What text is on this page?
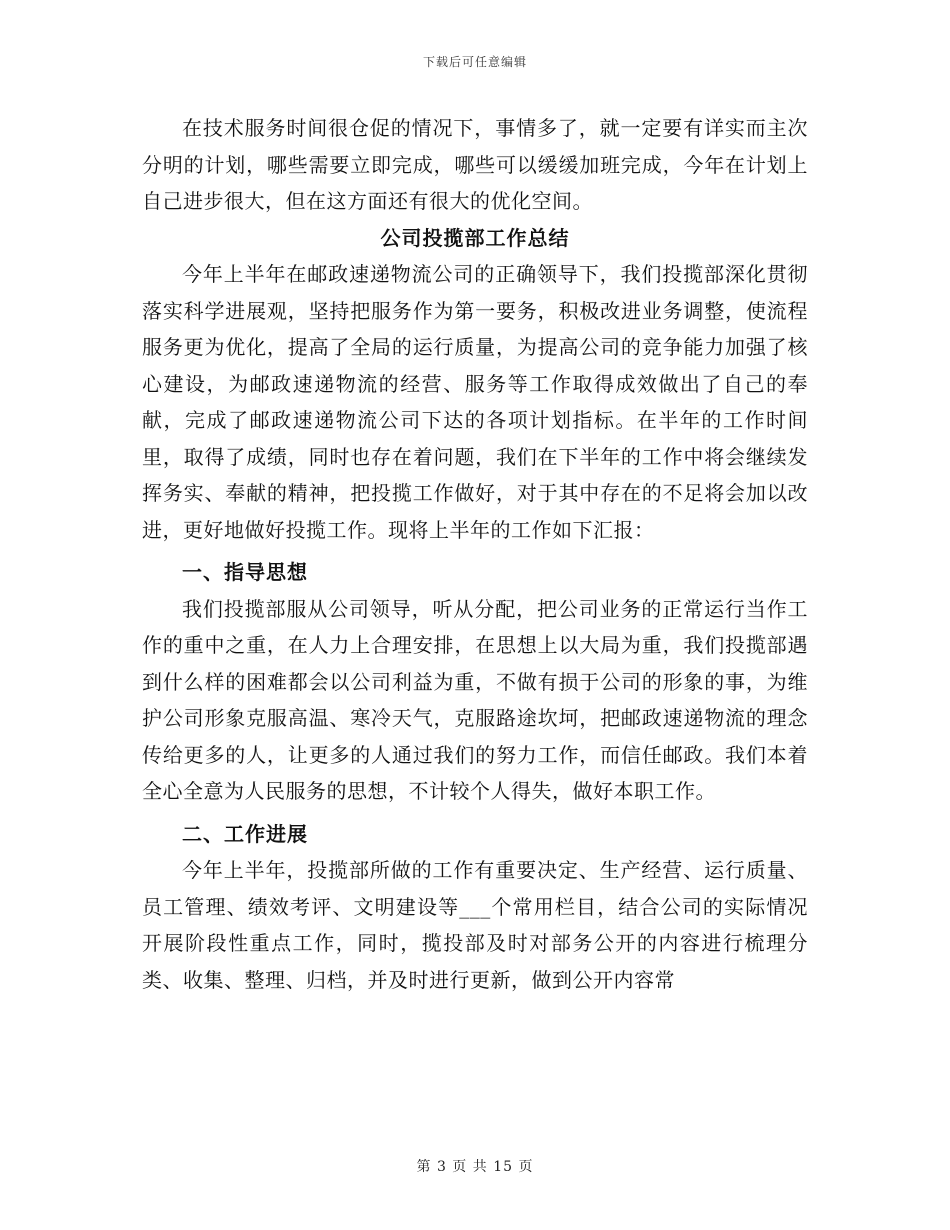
下载后可任意编辑

在技术服务时间很仓促的情况下，事情多了，就一定要有详实而主次分明的计划，哪些需要立即完成，哪些可以缓缓加班完成，今年在计划上自己进步很大，但在这方面还有很大的优化空间。

公司投揽部工作总结

今年上半年在邮政速递物流公司的正确领导下，我们投揽部深化贯彻落实科学进展观，坚持把服务作为第一要务，积极改进业务调整，使流程服务更为优化，提高了全局的运行质量，为提高公司的竞争能力加强了核心建设，为邮政速递物流的经营、服务等工作取得成效做出了自己的奉献，完成了邮政速递物流公司下达的各项计划指标。在半年的工作时间里，取得了成绩，同时也存在着问题，我们在下半年的工作中将会继续发挥务实、奉献的精神，把投揽工作做好，对于其中存在的不足将会加以改进，更好地做好投揽工作。现将上半年的工作如下汇报：

一、指导思想

我们投揽部服从公司领导，听从分配，把公司业务的正常运行当作工作的重中之重，在人力上合理安排，在思想上以大局为重，我们投揽部遇到什么样的困难都会以公司利益为重，不做有损于公司的形象的事，为维护公司形象克服高温、寒冷天气，克服路途坎坷，把邮政速递物流的理念传给更多的人，让更多的人通过我们的努力工作，而信任邮政。我们本着全心全意为人民服务的思想，不计较个人得失，做好本职工作。

二、工作进展

今年上半年，投揽部所做的工作有重要决定、生产经营、运行质量、员工管理、绩效考评、文明建设等___个常用栏目，结合公司的实际情况开展阶段性重点工作，同时，揽投部及时对部务公开的内容进行梳理分类、收集、整理、归档，并及时进行更新，做到公开内容常

第 3 页 共 15 页
